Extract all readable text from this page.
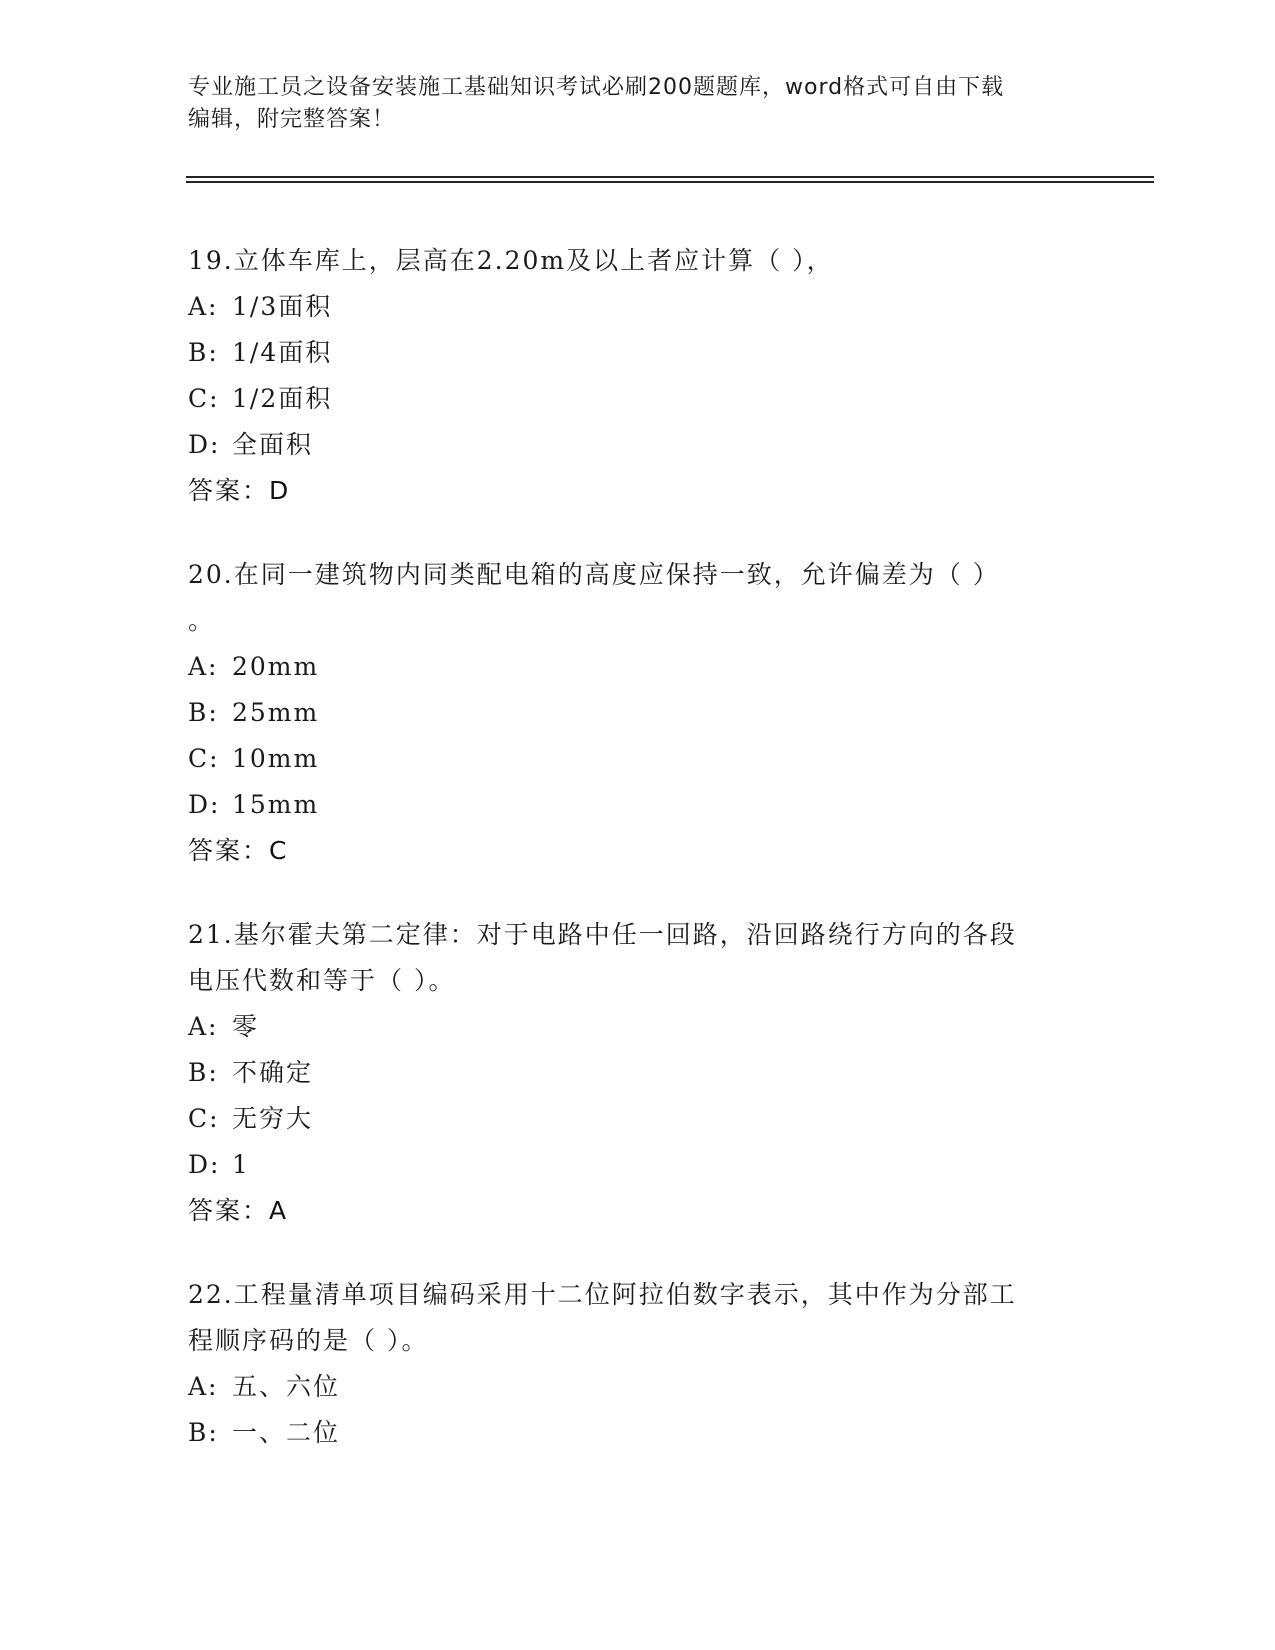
专业施工员之设备安装施工基础知识考试必刷200题题库，word格式可自由下载
编辑，附完整答案！
19.立体车库上，层高在2.20m及以上者应计算（ ），
A: 1/3面积
B: 1/4面积
C: 1/2面积
D: 全面积
答案：D
20.在同一建筑物内同类配电箱的高度应保持一致，允许偏差为（ ）
。
A: 20mm
B: 25mm
C: 10mm
D: 15mm
答案：C
21.基尔霍夫第二定律：对于电路中任一回路，沿回路绕行方向的各段
电压代数和等于（ ）。
A: 零
B: 不确定
C: 无穷大
D: 1
答案：A
22.工程量清单项目编码采用十二位阿拉伯数字表示，其中作为分部工
程顺序码的是（ ）。
A: 五、六位
B: 一、二位
